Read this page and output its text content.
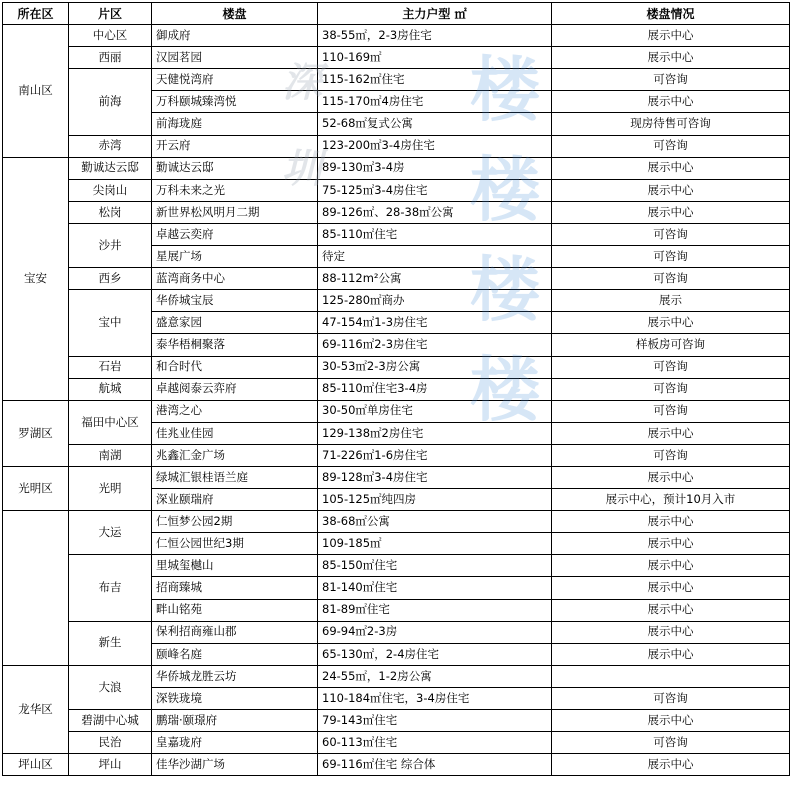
所在区	片区	楼盘	主力户型 ㎡	楼盘情况
南山区	中心区	御成府	38-55㎡，2-3房住宅	展示中心
	西丽	汉园茗园	110-169㎡	展示中心
	前海	天健悦湾府	115-162㎡住宅	可咨询
		万科颐城臻湾悦	115-170㎡4房住宅	展示中心
		前海珑庭	52-68㎡复式公寓	现房待售可咨询
	赤湾	开云府	123-200㎡3-4房住宅	可咨询
宝安	勤诚达云邸	勤诚达云邸	89-130㎡3-4房	展示中心
	尖岗山	万科未来之光	75-125㎡3-4房住宅	展示中心
	松岗	新世界松风明月二期	89-126㎡、28-38㎡公寓	展示中心
	沙井	卓越云奕府	85-110㎡住宅	可咨询
		星展广场	待定	可咨询
	西乡	蓝湾商务中心	88-112m²公寓	可咨询
	宝中	华侨城宝辰	125-280㎡商办	展示
		盛意家园	47-154㎡1-3房住宅	展示中心
		泰华梧桐聚落	69-116㎡2-3房住宅	样板房可咨询
	石岩	和合时代	30-53㎡2-3房公寓	可咨询
	航城	卓越阅泰云弈府	85-110㎡住宅3-4房	可咨询
罗湖区	福田中心区	港湾之心	30-50㎡单房住宅	可咨询
		佳兆业佳园	129-138㎡2房住宅	展示中心
	南湖	兆鑫汇金广场	71-226㎡1-6房住宅	可咨询
光明区	光明	绿城汇银桂语兰庭	89-128㎡3-4房住宅	展示中心
		深业颐瑞府	105-125㎡纯四房	展示中心，预计10月入市
	大运	仁恒梦公园2期	38-68㎡公寓	展示中心
		仁恒公园世纪3期	109-185㎡	展示中心
	布吉	里城玺樾山	85-150㎡住宅	展示中心
		招商臻城	81-140㎡住宅	展示中心
		畔山铭苑	81-89㎡住宅	展示中心
	新生	保利招商雍山郡	69-94㎡2-3房	展示中心
		颐峰名庭	65-130㎡，2-4房住宅	展示中心
龙华区	大浪	华侨城龙胜云坊	24-55㎡，1-2房公寓	
		深铁珑境	110-184㎡住宅，3-4房住宅	可咨询
	碧湖中心城	鹏瑞·颐璟府	79-143㎡住宅	展示中心
	民治	皇嘉珑府	60-113㎡住宅	可咨询
坪山区	坪山	佳华沙湖广场	69-116㎡住宅 综合体	展示中心
深圳
楼楼楼楼
